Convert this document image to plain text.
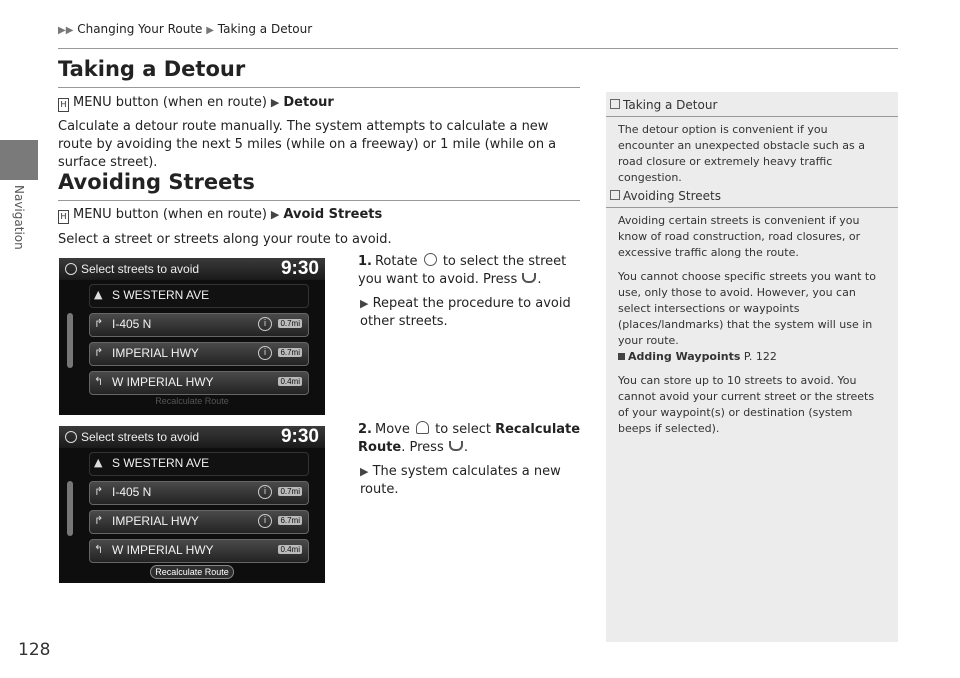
Navigation
▶▶ Changing Your Route ▶ Taking a Detour
Taking a Detour
H MENU button (when en route) ▶ Detour
Calculate a detour route manually. The system attempts to calculate a new route by avoiding the next 5 miles (while on a freeway) or 1 mile (while on a surface street).
Avoiding Streets
H MENU button (when en route) ▶ Avoid Streets
Select a street or streets along your route to avoid.
1. Rotate to select the street you want to avoid. Press .
▶ Repeat the procedure to avoid other streets.
2. Move to select Recalculate Route. Press .
▶ The system calculates a new route.
Select streets to avoid	9:30
▲ S WESTERN AVE
↱ I-405 N	i	0.7mi
↱ IMPERIAL HWY	i	6.7mi
↰ W IMPERIAL HWY	0.4mi
Recalculate Route
Select streets to avoid	9:30
▲ S WESTERN AVE
↱ I-405 N	i	0.7mi
↱ IMPERIAL HWY	i	6.7mi
↰ W IMPERIAL HWY	0.4mi
Recalculate Route
Taking a Detour
The detour option is convenient if you encounter an unexpected obstacle such as a road closure or extremely heavy traffic congestion.
Avoiding Streets
Avoiding certain streets is convenient if you know of road construction, road closures, or excessive traffic along the route.
You cannot choose specific streets you want to use, only those to avoid. However, you can select intersections or waypoints (places/landmarks) that the system will use in your route.
Adding Waypoints P. 122
You can store up to 10 streets to avoid. You cannot avoid your current street or the streets of your waypoint(s) or destination (system beeps if selected).
128
